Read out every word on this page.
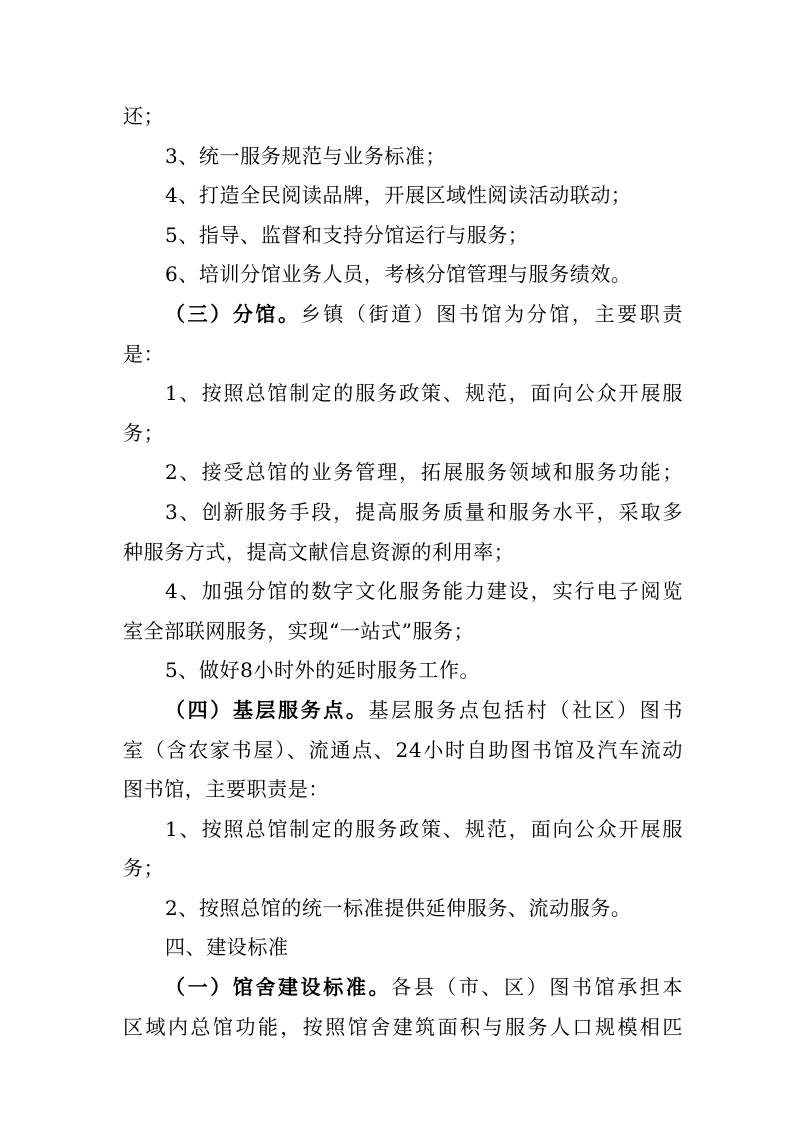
还；
3、统一服务规范与业务标准；
4、打造全民阅读品牌，开展区域性阅读活动联动；
5、指导、监督和支持分馆运行与服务；
6、培训分馆业务人员，考核分馆管理与服务绩效。
（三）分馆。乡镇（街道）图书馆为分馆，主要职责
是：
1、按照总馆制定的服务政策、规范，面向公众开展服
务；
2、接受总馆的业务管理，拓展服务领域和服务功能；
3、创新服务手段，提高服务质量和服务水平，采取多
种服务方式，提高文献信息资源的利用率；
4、加强分馆的数字文化服务能力建设，实行电子阅览
室全部联网服务，实现“一站式”服务；
5、做好8小时外的延时服务工作。
（四）基层服务点。基层服务点包括村（社区）图书
室（含农家书屋）、流通点、24小时自助图书馆及汽车流动
图书馆，主要职责是：
1、按照总馆制定的服务政策、规范，面向公众开展服
务；
2、按照总馆的统一标准提供延伸服务、流动服务。
四、建设标准
（一）馆舍建设标准。各县（市、区）图书馆承担本
区域内总馆功能，按照馆舍建筑面积与服务人口规模相匹
